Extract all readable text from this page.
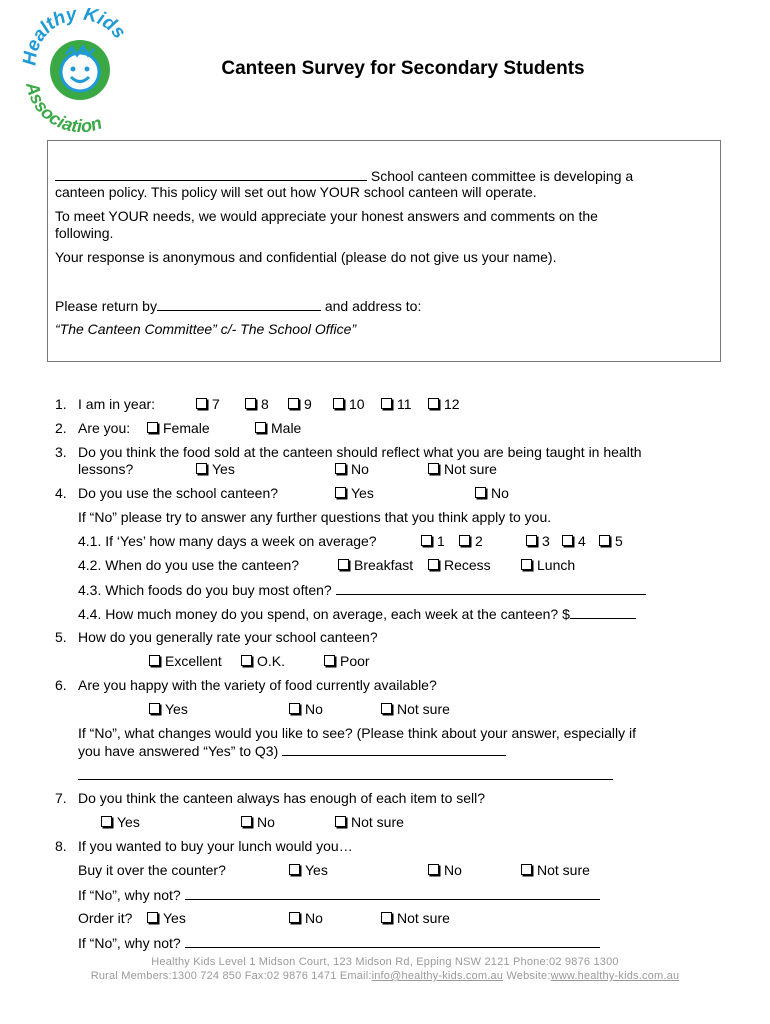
Healthy Kids
Association
Canteen Survey for Secondary Students
School canteen committee is developing a
canteen policy. This policy will set out how YOUR school canteen will operate.
To meet YOUR needs, we would appreciate your honest answers and comments on the
following.
Your response is anonymous and confidential (please do not give us your name).
Please return by	and address to:
“The Canteen Committee” c/- The School Office”
1. I am in year:	7	8	9	10	11	12
2. Are you:	Female	Male
3. Do you think the food sold at the canteen should reflect what you are being taught in health
lessons?	Yes	No	Not sure
4. Do you use the school canteen?	Yes	No
If “No” please try to answer any further questions that you think apply to you.
4.1. If ‘Yes’ how many days a week on average?	1	2	3	4	5
4.2. When do you use the canteen?	Breakfast	Recess	Lunch
4.3. Which foods do you buy most often?
4.4. How much money do you spend, on average, each week at the canteen? $
5. How do you generally rate your school canteen?
Excellent	O.K.	Poor
6. Are you happy with the variety of food currently available?
Yes	No	Not sure
If “No”, what changes would you like to see? (Please think about your answer, especially if
you have answered “Yes” to Q3)
7. Do you think the canteen always has enough of each item to sell?
Yes	No	Not sure
8. If you wanted to buy your lunch would you…
Buy it over the counter?	Yes	No	Not sure
If “No”, why not?
Order it?	Yes	No	Not sure
If “No”, why not?
Healthy Kids Level 1 Midson Court, 123 Midson Rd, Epping NSW 2121 Phone:02 9876 1300
Rural Members:1300 724 850 Fax:02 9876 1471 Email:info@healthy-kids.com.au Website:www.healthy-kids.com.au
